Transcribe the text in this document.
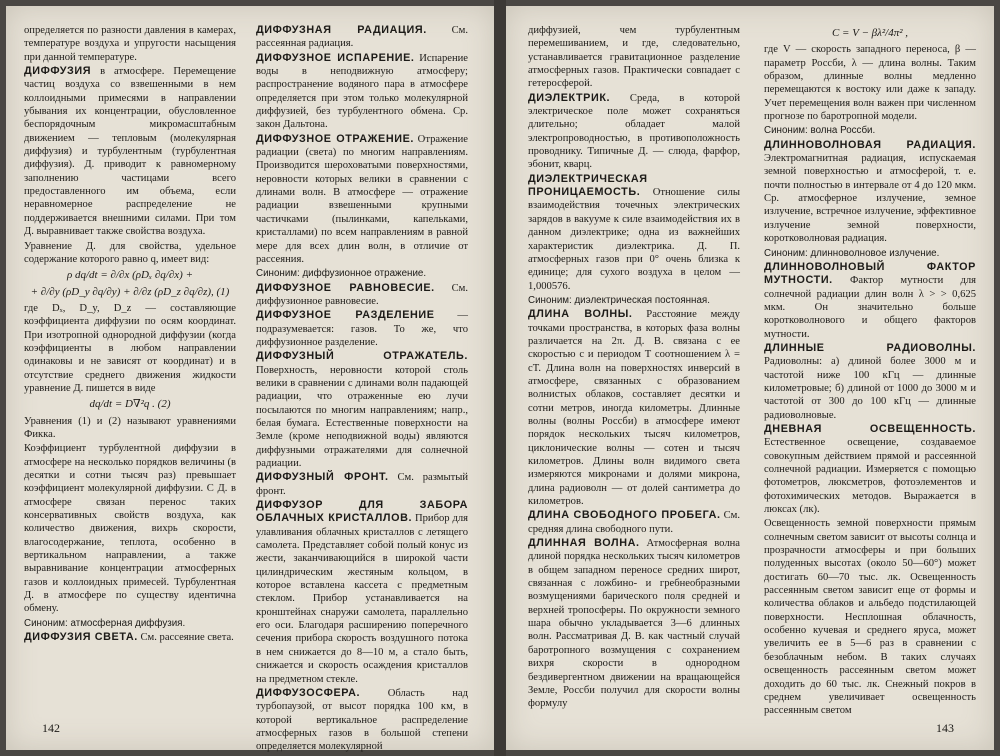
определяется по разности давления в камерах, температуре воздуха и упругости насыщения при данной температуре.
ДИФФУЗИЯ в атмосфере. Перемещение частиц воздуха со взвешенными в нем коллоидными примесями в направлении убывания их концентрации, обусловленное беспорядочным микромасштабным движением — тепловым (молекулярная диффузия) и турбулентным (турбулентная диффузия). Д. приводит к равномерному заполнению частицами всего предоставленного им объема, если неравномерное распределение не поддерживается внешними силами. При том Д. выравнивает также свойства воздуха.
Уравнение Д. для свойства, удельное содержание которого равно q, имеет вид:
ρ dq/dt = ∂/∂x (ρDₓ ∂q/∂x) +
+ ∂/∂y (ρD_y ∂q/∂y) + ∂/∂z (ρD_z ∂q/∂z), (1)
где Dₓ, D_y, D_z — составляющие коэффициента диффузии по осям координат. При изотропной однородной диффузии (когда коэффициенты в любом направлении одинаковы и не зависят от координат) и в отсутствие среднего движения жидкости уравнение Д. пишется в виде
dq/dt = D∇²q . (2)
Уравнения (1) и (2) называют уравнениями Фикка.
Коэффициент турбулентной диффузии в атмосфере на несколько порядков величины (в десятки и сотни тысяч раз) превышает коэффициент молекулярной диффузии. С Д. в атмосфере связан перенос таких консервативных свойств воздуха, как количество движения, вихрь скорости, влагосодержание, теплота, особенно в вертикальном направлении, а также выравнивание концентрации атмосферных газов и коллоидных примесей. Турбулентная Д. в атмосфере по существу идентична обмену.
Синоним: атмосферная диффузия.
ДИФФУЗИЯ СВЕТА. См. рассеяние света.
ДИФФУЗНАЯ РАДИАЦИЯ. См. рассеянная радиация.
ДИФФУЗНОЕ ИСПАРЕНИЕ. Испарение воды в неподвижную атмосферу; распространение водяного пара в атмосфере определяется при этом только молекулярной диффузией, без турбулентного обмена. Ср. закон Дальтона.
ДИФФУЗНОЕ ОТРАЖЕНИЕ. Отражение радиации (света) по многим направлениям. Производится шероховатыми поверхностями, неровности которых велики в сравнении с длинами волн. В атмосфере — отражение радиации взвешенными крупными частичками (пылинками, капельками, кристаллами) по всем направлениям в равной мере для всех длин волн, в отличие от рассеяния.
Синоним: диффузионное отражение.
ДИФФУЗНОЕ РАВНОВЕСИЕ. См. диффузионное равновесие.
ДИФФУЗНОЕ РАЗДЕЛЕНИЕ — подразумевается: газов. То же, что диффузионное разделение.
ДИФФУЗНЫЙ ОТРАЖАТЕЛЬ. Поверхность, неровности которой столь велики в сравнении с длинами волн падающей радиации, что отраженные ею лучи посылаются по многим направлениям; напр., белая бумага. Естественные поверхности на Земле (кроме неподвижной воды) являются диффузными отражателями для солнечной радиации.
ДИФФУЗНЫЙ ФРОНТ. См. размытый фронт.
ДИФФУЗОР ДЛЯ ЗАБОРА ОБЛАЧНЫХ КРИСТАЛЛОВ. Прибор для улавливания облачных кристаллов с летящего самолета. Представляет собой полый конус из жести, заканчивающийся в широкой части цилиндрическим жестяным кольцом, в которое вставлена кассета с предметным стеклом. Прибор устанавливается на кронштейнах снаружи самолета, параллельно его оси. Благодаря расширению поперечного сечения прибора скорость воздушного потока в нем снижается до 8—10 м, а стало быть, снижается и скорость осаждения кристаллов на предметном стекле.
ДИФФУЗОСФЕРА. Область над турбопаузой, от высот порядка 100 км, в которой вертикальное распределение атмосферных газов в большой степени определяется молекулярной
142
диффузией, чем турбулентным перемешиванием, и где, следовательно, устанавливается гравитационное разделение атмосферных газов. Практически совпадает с гетеросферой.
ДИЭЛЕКТРИК. Среда, в которой электрическое поле может сохраняться длительно; обладает малой электропроводностью, в противоположность проводнику. Типичные Д. — слюда, фарфор, эбонит, кварц.
ДИЭЛЕКТРИЧЕСКАЯ ПРОНИЦАЕМОСТЬ. Отношение силы взаимодействия точечных электрических зарядов в вакууме к силе взаимодействия их в данном диэлектрике; одна из важнейших характеристик диэлектрика. Д. П. атмосферных газов при 0° очень близка к единице; для сухого воздуха в целом — 1,000576.
Синоним: диэлектрическая постоянная.
ДЛИНА ВОЛНЫ. Расстояние между точками пространства, в которых фаза волны различается на 2π. Д. В. связана с ее скоростью c и периодом T соотношением λ = cT. Длина волн на поверхностях инверсий в атмосфере, связанных с образованием волнистых облаков, составляет десятки и сотни метров, иногда километры. Длинные волны (волны Россби) в атмосфере имеют порядок нескольких тысяч километров, циклонические волны — сотен и тысяч километров. Длины волн видимого света измеряются микронами и долями микрона, длина радиоволн — от долей сантиметра до километров.
ДЛИНА СВОБОДНОГО ПРОБЕГА. См. средняя длина свободного пути.
ДЛИННАЯ ВОЛНА. Атмосферная волна длиной порядка нескольких тысяч километров в общем западном переносе средних широт, связанная с ложбино- и гребнеобразными возмущениями барического поля средней и верхней тропосферы. По окружности земного шара обычно укладывается 3—6 длинных волн. Рассматривая Д. В. как частный случай баротропного возмущения с сохранением вихря скорости в однородном бездивергентном движении на вращающейся Земле, Россби получил для скорости волны формулу
C = V − βλ²/4π² ,
где V — скорость западного переноса, β — параметр Россби, λ — длина волны. Таким образом, длинные волны медленно перемещаются к востоку или даже к западу. Учет перемещения волн важен при численном прогнозе по баротропной модели.
Синоним: волна Россби.
ДЛИННОВОЛНОВАЯ РАДИАЦИЯ. Электромагнитная радиация, испускаемая земной поверхностью и атмосферой, т. е. почти полностью в интервале от 4 до 120 мкм. Ср. атмосферное излучение, земное излучение, встречное излучение, эффективное излучение земной поверхности, коротковолновая радиация.
Синоним: длинноволновое излучение.
ДЛИННОВОЛНОВЫЙ ФАКТОР МУТНОСТИ. Фактор мутности для солнечной радиации длин волн λ > > 0,625 мкм. Он значительно больше коротковолнового и общего факторов мутности.
ДЛИННЫЕ РАДИОВОЛНЫ. Радиоволны: а) длиной более 3000 м и частотой ниже 100 кГц — длинные километровые; б) длиной от 1000 до 3000 м и частотой от 300 до 100 кГц — длинные радиоволновые.
ДНЕВНАЯ ОСВЕЩЕННОСТЬ. Естественное освещение, создаваемое совокупным действием прямой и рассеянной солнечной радиации. Измеряется с помощью фотометров, люксметров, фотоэлементов и фотохимических методов. Выражается в люксах (лк).
Освещенность земной поверхности прямым солнечным светом зависит от высоты солнца и прозрачности атмосферы и при больших полуденных высотах (около 50—60°) может достигать 60—70 тыс. лк. Освещенность рассеянным светом зависит еще от формы и количества облаков и альбедо подстилающей поверхности. Несплошная облачность, особенно кучевая и среднего яруса, может увеличить ее в 5—6 раз в сравнении с безоблачным небом. В таких случаях освещенность рассеянным светом может доходить до 60 тыс. лк. Снежный покров в среднем увеличивает освещенность рассеянным светом
143
